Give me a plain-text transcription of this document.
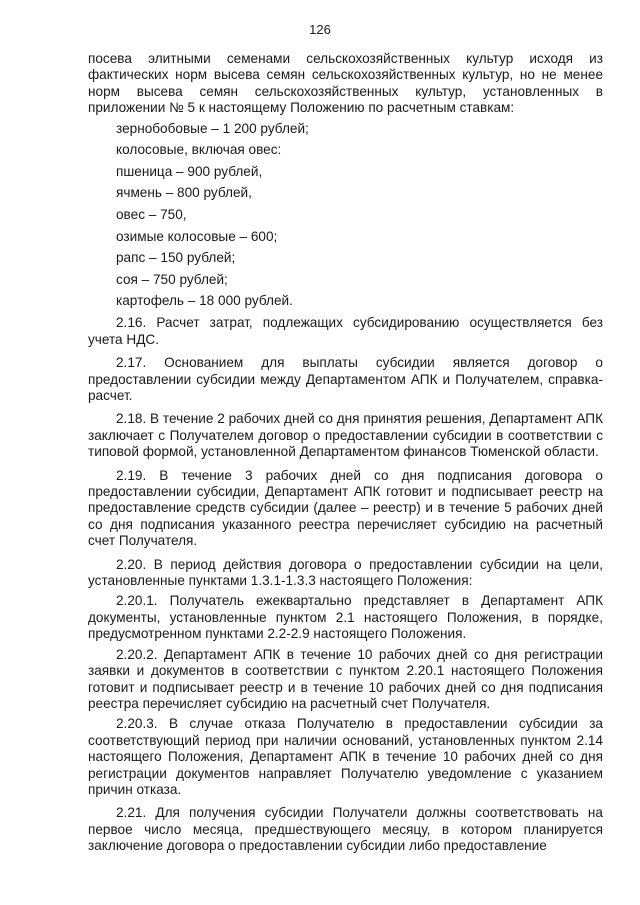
126

посева элитными семенами сельскохозяйственных культур исходя из фактических норм высева семян сельскохозяйственных культур, но не менее норм высева семян сельскохозяйственных культур, установленных в приложении № 5 к настоящему Положению по расчетным ставкам:

зернобобовые – 1 200 рублей;
колосовые, включая овес:
пшеница – 900 рублей,
ячмень – 800 рублей,
овес – 750,
озимые колосовые – 600;
рапс – 150 рублей;
соя – 750 рублей;
картофель – 18 000 рублей.

2.16. Расчет затрат, подлежащих субсидированию осуществляется без учета НДС.

2.17. Основанием для выплаты субсидии является договор о предоставлении субсидии между Департаментом АПК и Получателем, справка-расчет.

2.18. В течение 2 рабочих дней со дня принятия решения, Департамент АПК заключает с Получателем договор о предоставлении субсидии в соответствии с типовой формой, установленной Департаментом финансов Тюменской области.

2.19. В течение 3 рабочих дней со дня подписания договора о предоставлении субсидии, Департамент АПК готовит и подписывает реестр на предоставление средств субсидии (далее – реестр) и в течение 5 рабочих дней со дня подписания указанного реестра перечисляет субсидию на расчетный счет Получателя.

2.20. В период действия договора о предоставлении субсидии на цели, установленные пунктами 1.3.1-1.3.3 настоящего Положения:

2.20.1. Получатель ежеквартально представляет в Департамент АПК документы, установленные пунктом 2.1 настоящего Положения, в порядке, предусмотренном пунктами 2.2-2.9 настоящего Положения.

2.20.2. Департамент АПК в течение 10 рабочих дней со дня регистрации заявки и документов в соответствии с пунктом 2.20.1 настоящего Положения готовит и подписывает реестр и в течение 10 рабочих дней со дня подписания реестра перечисляет субсидию на расчетный счет Получателя.

2.20.3. В случае отказа Получателю в предоставлении субсидии за соответствующий период при наличии оснований, установленных пунктом 2.14 настоящего Положения, Департамент АПК в течение 10 рабочих дней со дня регистрации документов направляет Получателю уведомление с указанием причин отказа.

2.21. Для получения субсидии Получатели должны соответствовать на первое число месяца, предшествующего месяцу, в котором планируется заключение договора о предоставлении субсидии либо предоставление
